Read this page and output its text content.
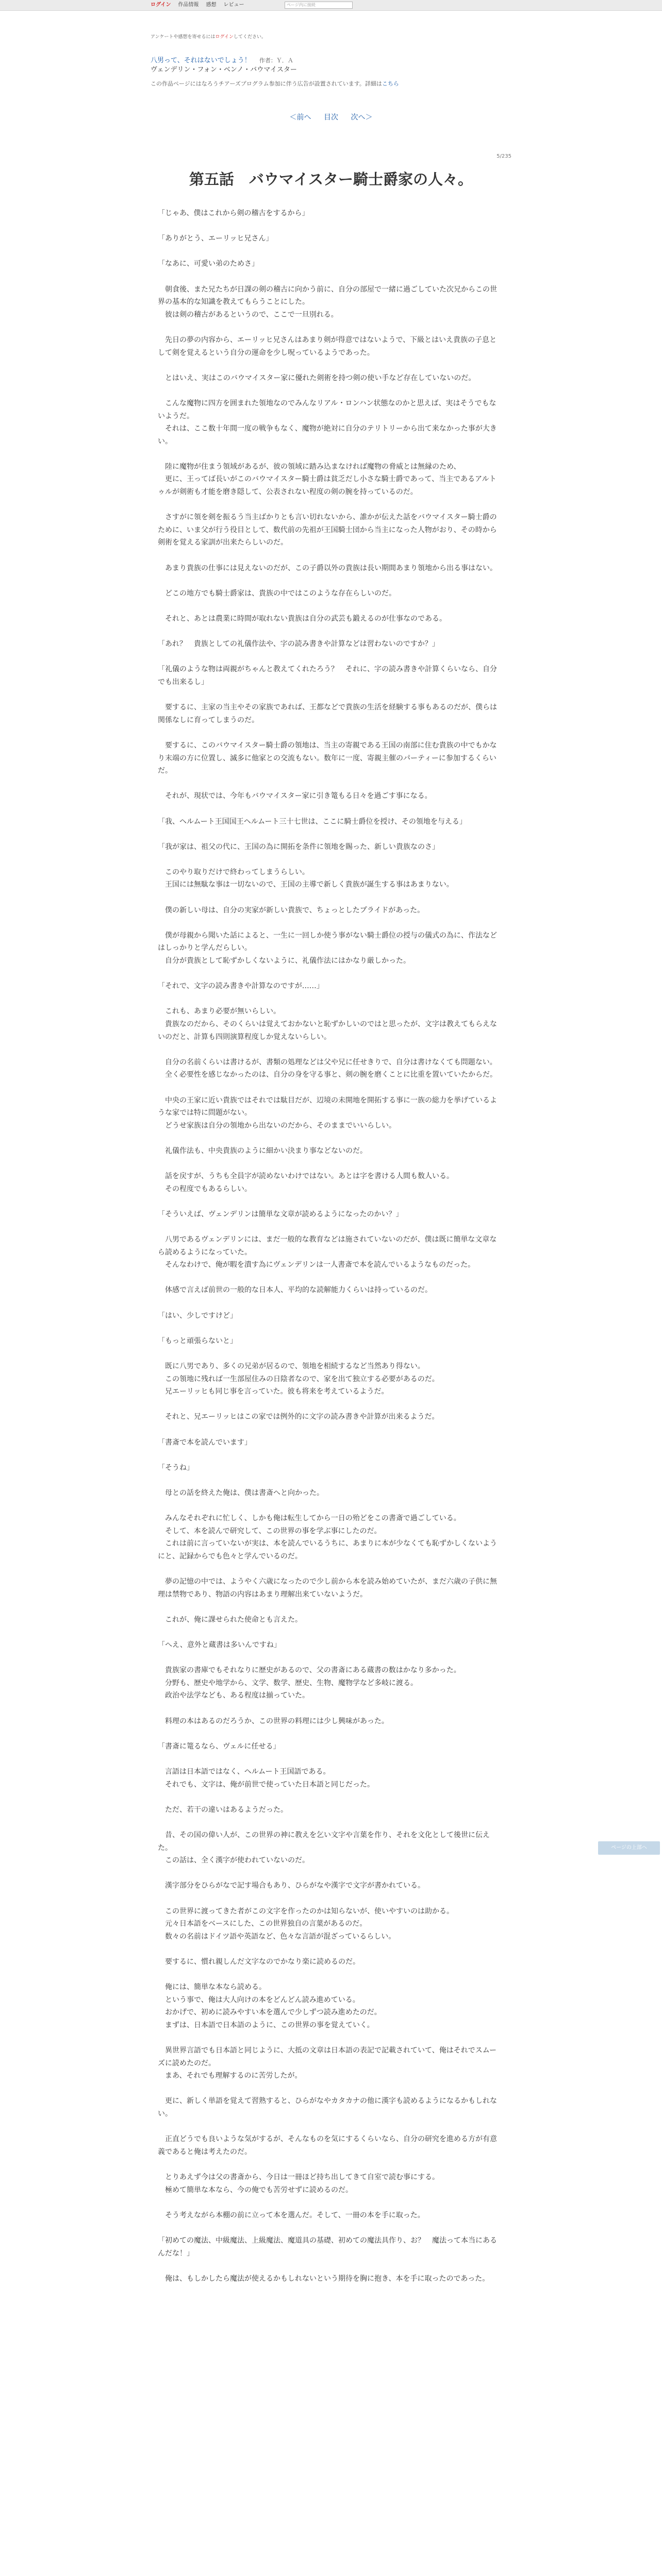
ログイン 作品情報 感想 レビュー	ページ内に接続
アンケートや感想を寄せるにはログインしてください。
八男って、それはないでしょう！ 作者：Ｙ．Ａ
ヴェンデリン・フォン・ベンノ・バウマイスター
この作品ページにはなろうチアーズプログラム参加に伴う広告が設置されています。詳細はこちら
＜前へ 目次 次へ＞
5/235
第五話　バウマイスター騎士爵家の人々。

「じゃあ、僕はこれから剣の稽古をするから」

「ありがとう、エーリッヒ兄さん」

「なあに、可愛い弟のためさ」

　朝食後、また兄たちが日課の剣の稽古に向かう前に、自分の部屋で一緒に過ごしていた次兄からこの世界の基本的な知識を教えてもらうことにした。

　彼は剣の稽古があるというので、ここで一旦別れる。

　先日の夢の内容から、エーリッヒ兄さんはあまり剣が得意ではないようで、下級とはいえ貴族の子息として剣を覚えるという自分の運命を少し呪っているようであった。

　とはいえ、実はこのバウマイスター家に優れた剣術を持つ剣の使い手など存在していないのだ。

　こんな魔物に四方を囲まれた領地なのでみんなリアル・ロンハン状態なのかと思えば、実はそうでもないようだ。

　それは、ここ数十年間一度の戦争もなく、魔物が絶対に自分のテリトリーから出て来なかった事が大きい。

　陸に魔物が住まう領域があるが、彼の領域に踏み込まなければ魔物の脅威とは無縁のため、

　更に、王ってば長いがこのバウマイスター騎士爵は貧乏だし小さな騎士爵であって、当主であるアルトゥルが剣術も才能を磨き隠して、公表されない程度の剣の腕を持っているのだ。

　さすがに領を剣を振るう当主ばかりとも言い切れないから、誰かが伝えた話をバウマイスター騎士爵のために、いま父が行う役目として、数代前の先祖が王国騎士団から当主になった人物がおり、その時から剣術を覚える家訓が出来たらしいのだ。

　あまり貴族の仕事には見えないのだが、この子爵以外の貴族は長い期間あまり領地から出る事はない。

　どこの地方でも騎士爵家は、貴族の中ではこのような存在らしいのだ。

　それと、あとは農業に時間が取れない貴族は自分の武芸も鍛えるのが仕事なのである。

「あれ？　貴族としての礼儀作法や、字の読み書きや計算などは習わないのですか？」

「礼儀のような物は両親がちゃんと教えてくれたろう？　それに、字の読み書きや計算くらいなら、自分でも出来るし」

　要するに、主家の当主やその家族であれば、王都などで貴族の生活を経験する事もあるのだが、僕らは関係なしに育ってしまうのだ。

　要するに、このバウマイスター騎士爵の領地は、当主の寄親である王国の南部に住む貴族の中でもかなり末端の方に位置し、滅多に他家との交流もない。数年に一度、寄親主催のパーティーに参加するくらいだ。

　それが、現状では、今年もバウマイスター家に引き篭もる日々を過ごす事になる。

「我、ヘルムート王国国王ヘルムート三十七世は、ここに騎士爵位を授け、その領地を与える」

「我が家は、祖父の代に、王国の為に開拓を条件に領地を賜った、新しい貴族なのさ」

　このやり取りだけで終わってしまうらしい。

　王国には無駄な事は一切ないので、王国の主導で新しく貴族が誕生する事はあまりない。

　僕の新しい母は、自分の実家が新しい貴族で、ちょっとしたプライドがあった。

　僕が母親から聞いた話によると、一生に一回しか使う事がない騎士爵位の授与の儀式の為に、作法などはしっかりと学んだらしい。

　自分が貴族として恥ずかしくないように、礼儀作法にはかなり厳しかった。

「それで、文字の読み書きや計算なのですが……」

　これも、あまり必要が無いらしい。

　貴族なのだから、そのくらいは覚えておかないと恥ずかしいのではと思ったが、文字は教えてもらえないのだと、計算も四則演算程度しか覚えないらしい。

　自分の名前くらいは書けるが、書類の処理などは父や兄に任せきりで、自分は書けなくても問題ない。

　全く必要性を感じなかったのは、自分の身を守る事と、剣の腕を磨くことに比重を置いていたからだ。

　中央の王家に近い貴族ではそれでは駄目だが、辺境の未開地を開拓する事に一族の総力を挙げているような家では特に問題がない。

　どうせ家族は自分の領地から出ないのだから、そのままでいいらしい。

　礼儀作法も、中央貴族のように細かい決まり事などないのだ。

　話を戻すが、うちも全員字が読めないわけではない。あとは字を書ける人間も数人いる。

　その程度でもあるらしい。

「そういえば、ヴェンデリンは簡単な文章が読めるようになったのかい？」

　八男であるヴェンデリンには、まだ一般的な教育などは施されていないのだが、僕は既に簡単な文章なら読めるようになっていた。

　そんなわけで、俺が暇を潰す為にヴェンデリンは一人書斎で本を読んでいるようなものだった。

　体感で言えば前世の一般的な日本人、平均的な読解能力くらいは持っているのだ。

「はい、少しですけど」

「もっと頑張らないと」

　既に八男であり、多くの兄弟が居るので、領地を相続するなど当然あり得ない。

　この領地に残れば一生部屋住みの日陰者なので、家を出て独立する必要があるのだ。

　兄エーリッヒも同じ事を言っていた。彼も将来を考えているようだ。

　それと、兄エーリッヒはこの家では例外的に文字の読み書きや計算が出来るようだ。

「書斎で本を読んでいます」

「そうね」

　母との話を終えた俺は、僕は書斎へと向かった。

　みんなそれぞれに忙しく、しかも俺は転生してから一日の殆どをこの書斎で過ごしている。

　そして、本を読んで研究して、この世界の事を学ぶ事にしたのだ。

　これは前に言っていないが実は、本を読んでいるうちに、あまりに本が少なくても恥ずかしくないようにと、記録からでも色々と学んでいるのだ。

　夢の記憶の中では、ようやく六歳になったので少し前から本を読み始めていたが、まだ六歳の子供に無理は禁物であり、物語の内容はあまり理解出来ていないようだ。

　これが、俺に課せられた使命とも言えた。

「へえ、意外と蔵書は多いんですね」

　貴族家の書庫でもそれなりに歴史があるので、父の書斎にある蔵書の数はかなり多かった。

　分野も、歴史や地学から、文学、数学、歴史、生物、魔物学など多岐に渡る。

　政治や法学なども、ある程度は揃っていた。

　料理の本はあるのだろうか、この世界の料理には少し興味があった。

「書斎に篭るなら、ヴェルに任せる」

　言語は日本語ではなく、ヘルムート王国語である。

　それでも、文字は、俺が前世で使っていた日本語と同じだった。

　ただ、若干の違いはあるようだった。

　昔、その国の偉い人が、この世界の神に教えを乞い文字や言葉を作り、それを文化として後世に伝えた。

　この話は、全く漢字が使われていないのだ。

　漢字部分をひらがなで記す場合もあり、ひらがなや漢字で文字が書かれている。

　この世界に渡ってきた者がこの文字を作ったのかは知らないが、使いやすいのは助かる。

　元々日本語をベースにした、この世界独自の言葉があるのだ。

　数々の名前はドイツ語や英語など、色々な言語が混ざっているらしい。

　要するに、慣れ親しんだ文字なのでかなり楽に読めるのだ。

　俺には、簡単な本なら読める。

　という事で、俺は大人向けの本をどんどん読み進めている。

　おかげで、初めに読みやすい本を選んで少しずつ読み進めたのだ。

　まずは、日本語で日本語のように、この世界の事を覚えていく。

　異世界言語でも日本語と同じように、大抵の文章は日本語の表記で記載されていて、俺はそれでスムーズに読めたのだ。

　まあ、それでも理解するのに苦労したが。

　更に、新しく単語を覚えて習熟すると、ひらがなやカタカナの他に漢字も読めるようになるかもしれない。

　正直どうでも良いような気がするが、そんなものを気にするくらいなら、自分の研究を進める方が有意義であると俺は考えたのだ。

　とりあえず今は父の書斎から、今日は一冊ほど持ち出してきて自室で読む事にする。

　極めて簡単な本なら、今の俺でも苦労せずに読めるのだ。

　そう考えながら本棚の前に立って本を選んだ。そして、一冊の本を手に取った。

「初めての魔法、中級魔法、上級魔法、魔道具の基礎、初めての魔法具作り、お？　魔法って本当にあるんだな！」

　俺は、もしかしたら魔法が使えるかもしれないという期待を胸に抱き、本を手に取ったのであった。

ページの上部へ
